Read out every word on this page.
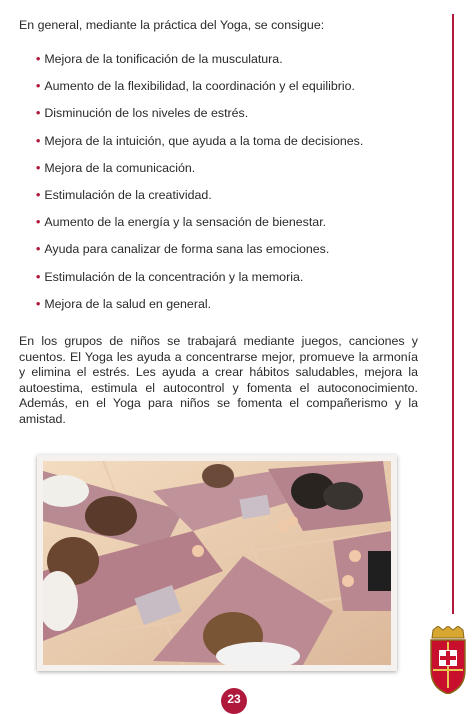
En general, mediante la práctica del Yoga, se consigue:

• Mejora de la tonificación de la musculatura.
• Aumento de la flexibilidad, la coordinación y el equilibrio.
• Disminución de los niveles de estrés.
• Mejora de la intuición, que ayuda a la toma de decisiones.
• Mejora de la comunicación.
• Estimulación de la creatividad.
• Aumento de la energía y la sensación de bienestar.
• Ayuda para canalizar de forma sana las emociones.
• Estimulación de la concentración y la memoria.
• Mejora de la salud en general.

En los grupos de niños se trabajará mediante juegos, canciones y cuentos. El Yoga les ayuda a concentrarse mejor, promueve la armonía y elimina el estrés. Les ayuda a crear hábitos saludables, mejora la autoestima, estimula el autocontrol y fomenta el autoconocimiento. Además, en el Yoga para niños se fomenta el compañerismo y la amistad.

23
